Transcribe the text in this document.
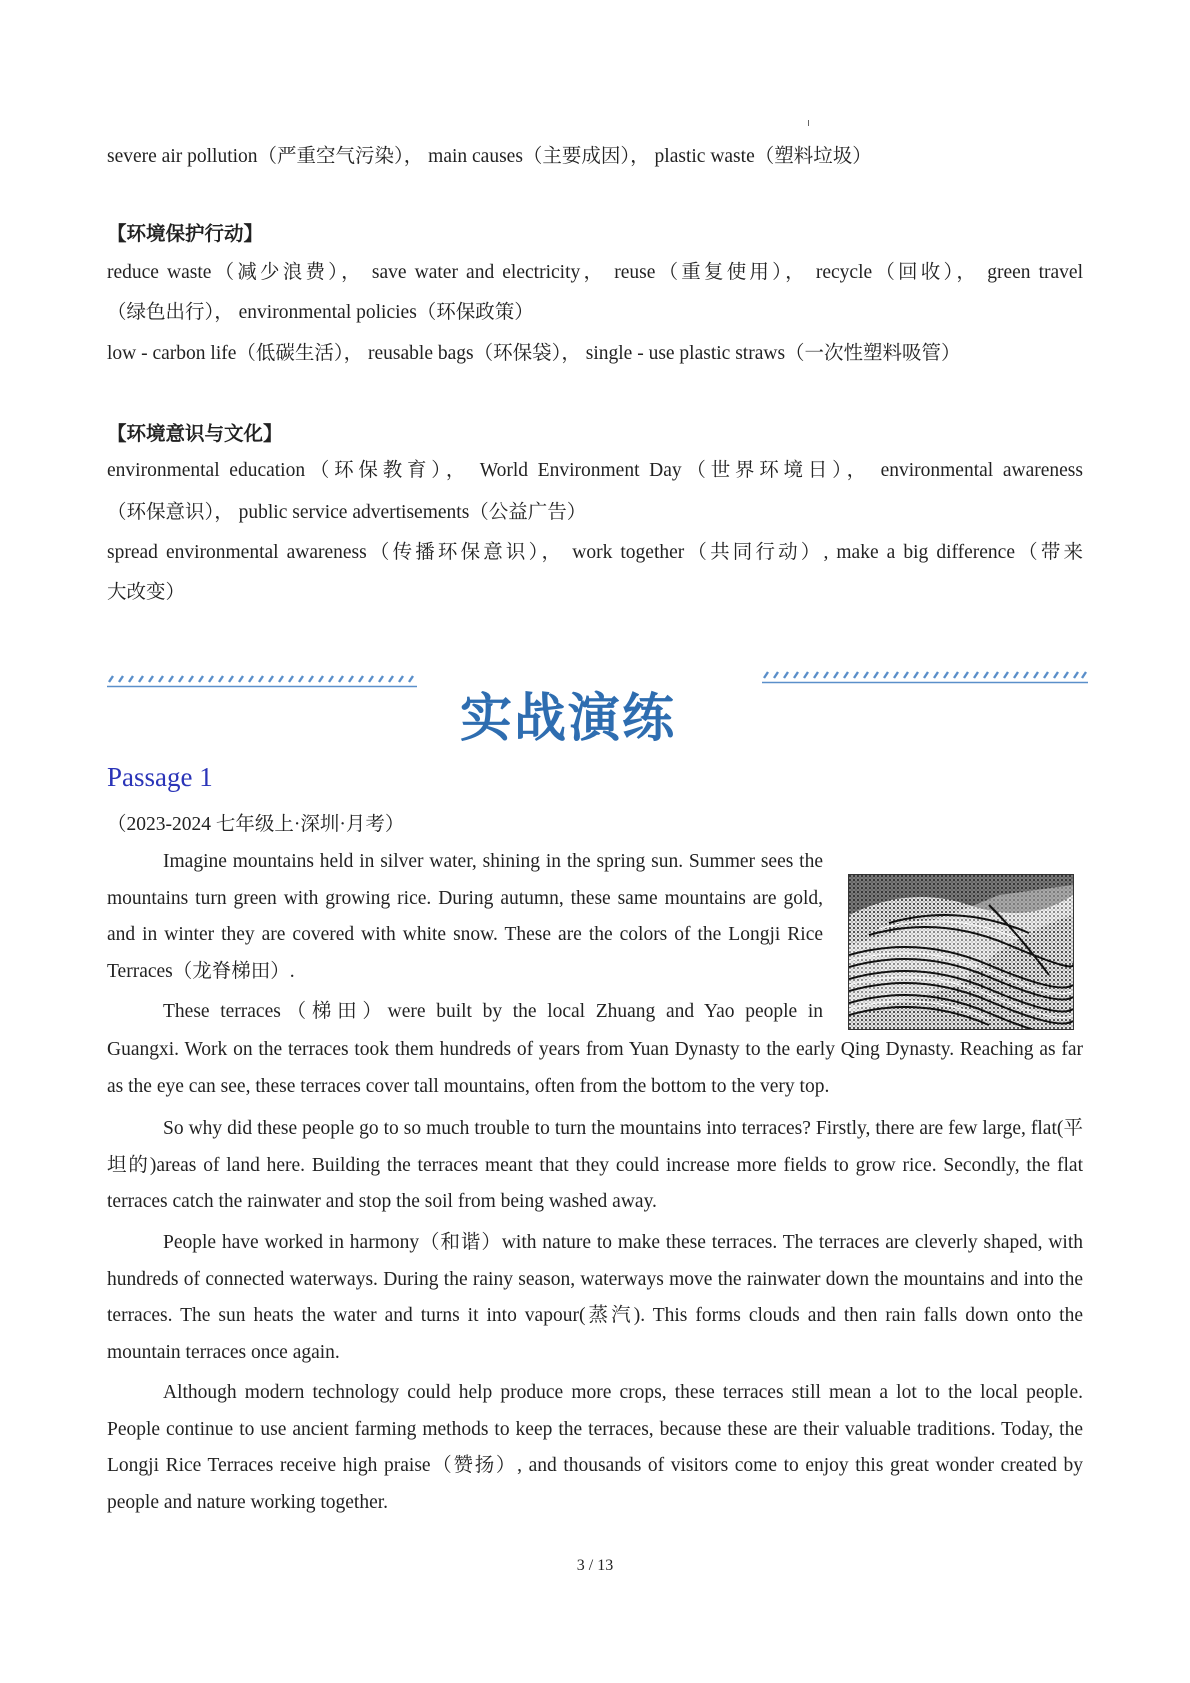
severe air pollution（严重空气污染）， main causes（主要成因）， plastic waste（塑料垃圾）
【环境保护行动】
reduce waste（减少浪费）， save water and electricity， reuse（重复使用）， recycle（回收）， green travel
（绿色出行）， environmental policies（环保政策）
low - carbon life（低碳生活）， reusable bags（环保袋）， single - use plastic straws（一次性塑料吸管）
【环境意识与文化】
environmental education（环保教育）， World Environment Day（世界环境日）， environmental awareness
（环保意识）， public service advertisements（公益广告）
spread environmental awareness（传播环保意识）， work together（共同行动）, make a big difference（带来
大改变）
实战演练
Passage 1
（2023-2024 七年级上·深圳·月考）
Imagine mountains held in silver water, shining in the spring sun. Summer sees the mountains turn green with growing rice. During autumn, these same mountains are gold, and in winter they are covered with white snow. These are the colors of the Longji Rice Terraces（龙脊梯田）.
These terraces（梯田）were built by the local Zhuang and Yao people in
Guangxi. Work on the terraces took them hundreds of years from Yuan Dynasty to the early Qing Dynasty. Reaching as far as the eye can see, these terraces cover tall mountains, often from the bottom to the very top.
So why did these people go to so much trouble to turn the mountains into terraces? Firstly, there are few large, flat(平坦的)areas of land here. Building the terraces meant that they could increase more fields to grow rice. Secondly, the flat terraces catch the rainwater and stop the soil from being washed away.
People have worked in harmony（和谐）with nature to make these terraces. The terraces are cleverly shaped, with hundreds of connected waterways. During the rainy season, waterways move the rainwater down the mountains and into the terraces. The sun heats the water and turns it into vapour(蒸汽). This forms clouds and then rain falls down onto the mountain terraces once again.
Although modern technology could help produce more crops, these terraces still mean a lot to the local people. People continue to use ancient farming methods to keep the terraces, because these are their valuable traditions. Today, the Longji Rice Terraces receive high praise（赞扬）, and thousands of visitors come to enjoy this great wonder created by people and nature working together.
3 / 13
